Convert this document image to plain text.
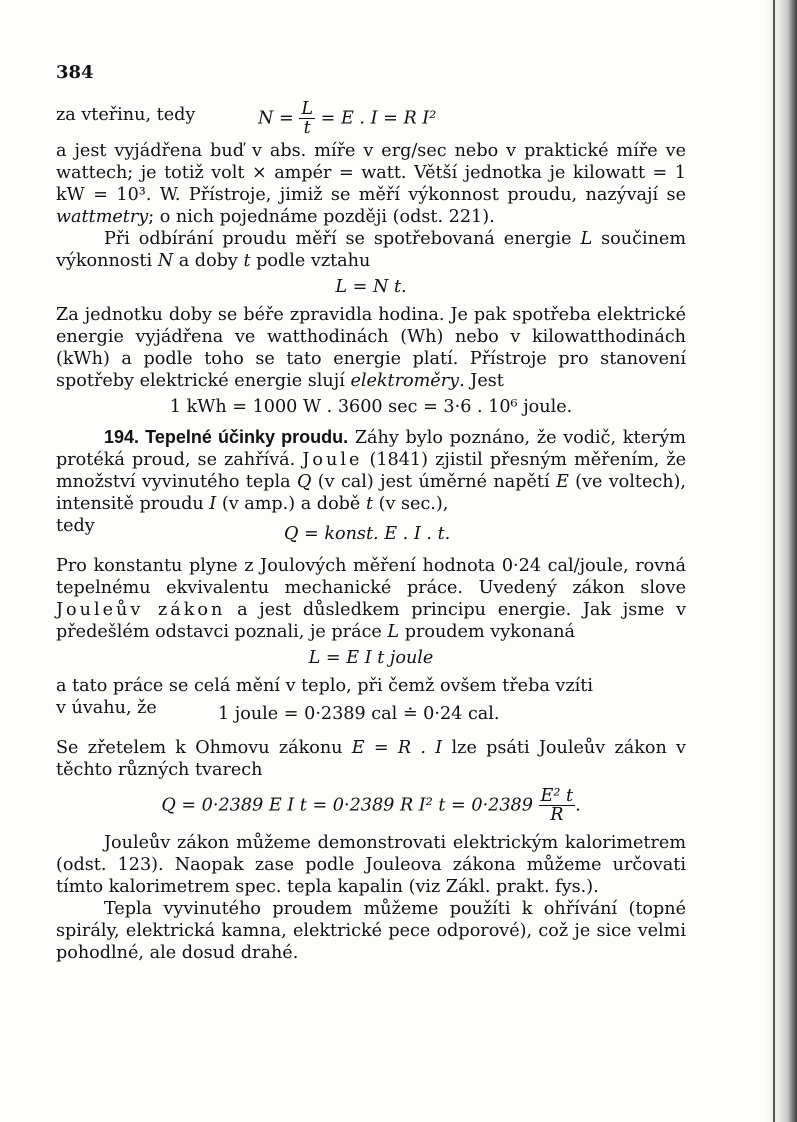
384
za vteřinu, tedy	$N = \frac{L}{t} = E$ . I = R I²

a jest vyjádřena buď v abs. míře v erg/sec nebo v praktické míře ve wattech; je totiž volt × ampér = watt. Větší jednotka je kilowatt = 1 kW = 10³. W. Přístroje, jimiž se měří výkonnost proudu, nazývají se wattmetry; o nich pojednáme později (odst. 221).

Při odbírání proudu měří se spotřebovaná energie L součinem výkonnosti N a doby t podle vztahu

L = N t.

Za jednotku doby se béře zpravidla hodina. Je pak spotřeba elektrické energie vyjádřena ve watthodinách (Wh) nebo v kilowatthodinách (kWh) a podle toho se tato energie platí. Přístroje pro stanovení spotřeby elektrické energie slují elektroměry. Jest

1 kWh = 1000 W . 3600 sec = 3·6 . 10⁶ joule.

194. Tepelné účinky proudu. Záhy bylo poznáno, že vodič, kterým protéká proud, se zahřívá. Joule (1841) zjistil přesným měřením, že množství vyvinutého tepla Q (v cal) jest úměrné napětí E (ve voltech), intensitě proudu I (v amp.) a době t (v sec.),

tedy	Q = konst. E . I . t.

Pro konstantu plyne z Joulových měření hodnota 0·24 cal/joule, rovná tepelnému ekvivalentu mechanické práce. Uvedený zákon slove Jouleův zákon a jest důsledkem principu energie. Jak jsme v předešlém odstavci poznali, je práce L proudem vykonaná

L = E I t joule

a tato práce se celá mění v teplo, při čemž ovšem třeba vzíti

v úvahu, že	1 joule = 0·2389 cal ≐ 0·24 cal.

Se zřetelem k Ohmovu zákonu E = R . I lze psáti Jouleův zákon v těchto různých tvarech

Q = 0·2389 E I t = 0·2389 R I² $t = 0\cdot 2389 \frac{\text{E² t}}{R}$ .

Jouleův zákon můžeme demonstrovati elektrickým kalorimetrem (odst. 123). Naopak zase podle Jouleova zákona můžeme určovati tímto kalorimetrem spec. tepla kapalin (viz Zákl. prakt. fys.).

Tepla vyvinutého proudem můžeme použíti k ohřívání (topné spirály, elektrická kamna, elektrické pece odporové), což je sice velmi pohodlné, ale dosud drahé.
